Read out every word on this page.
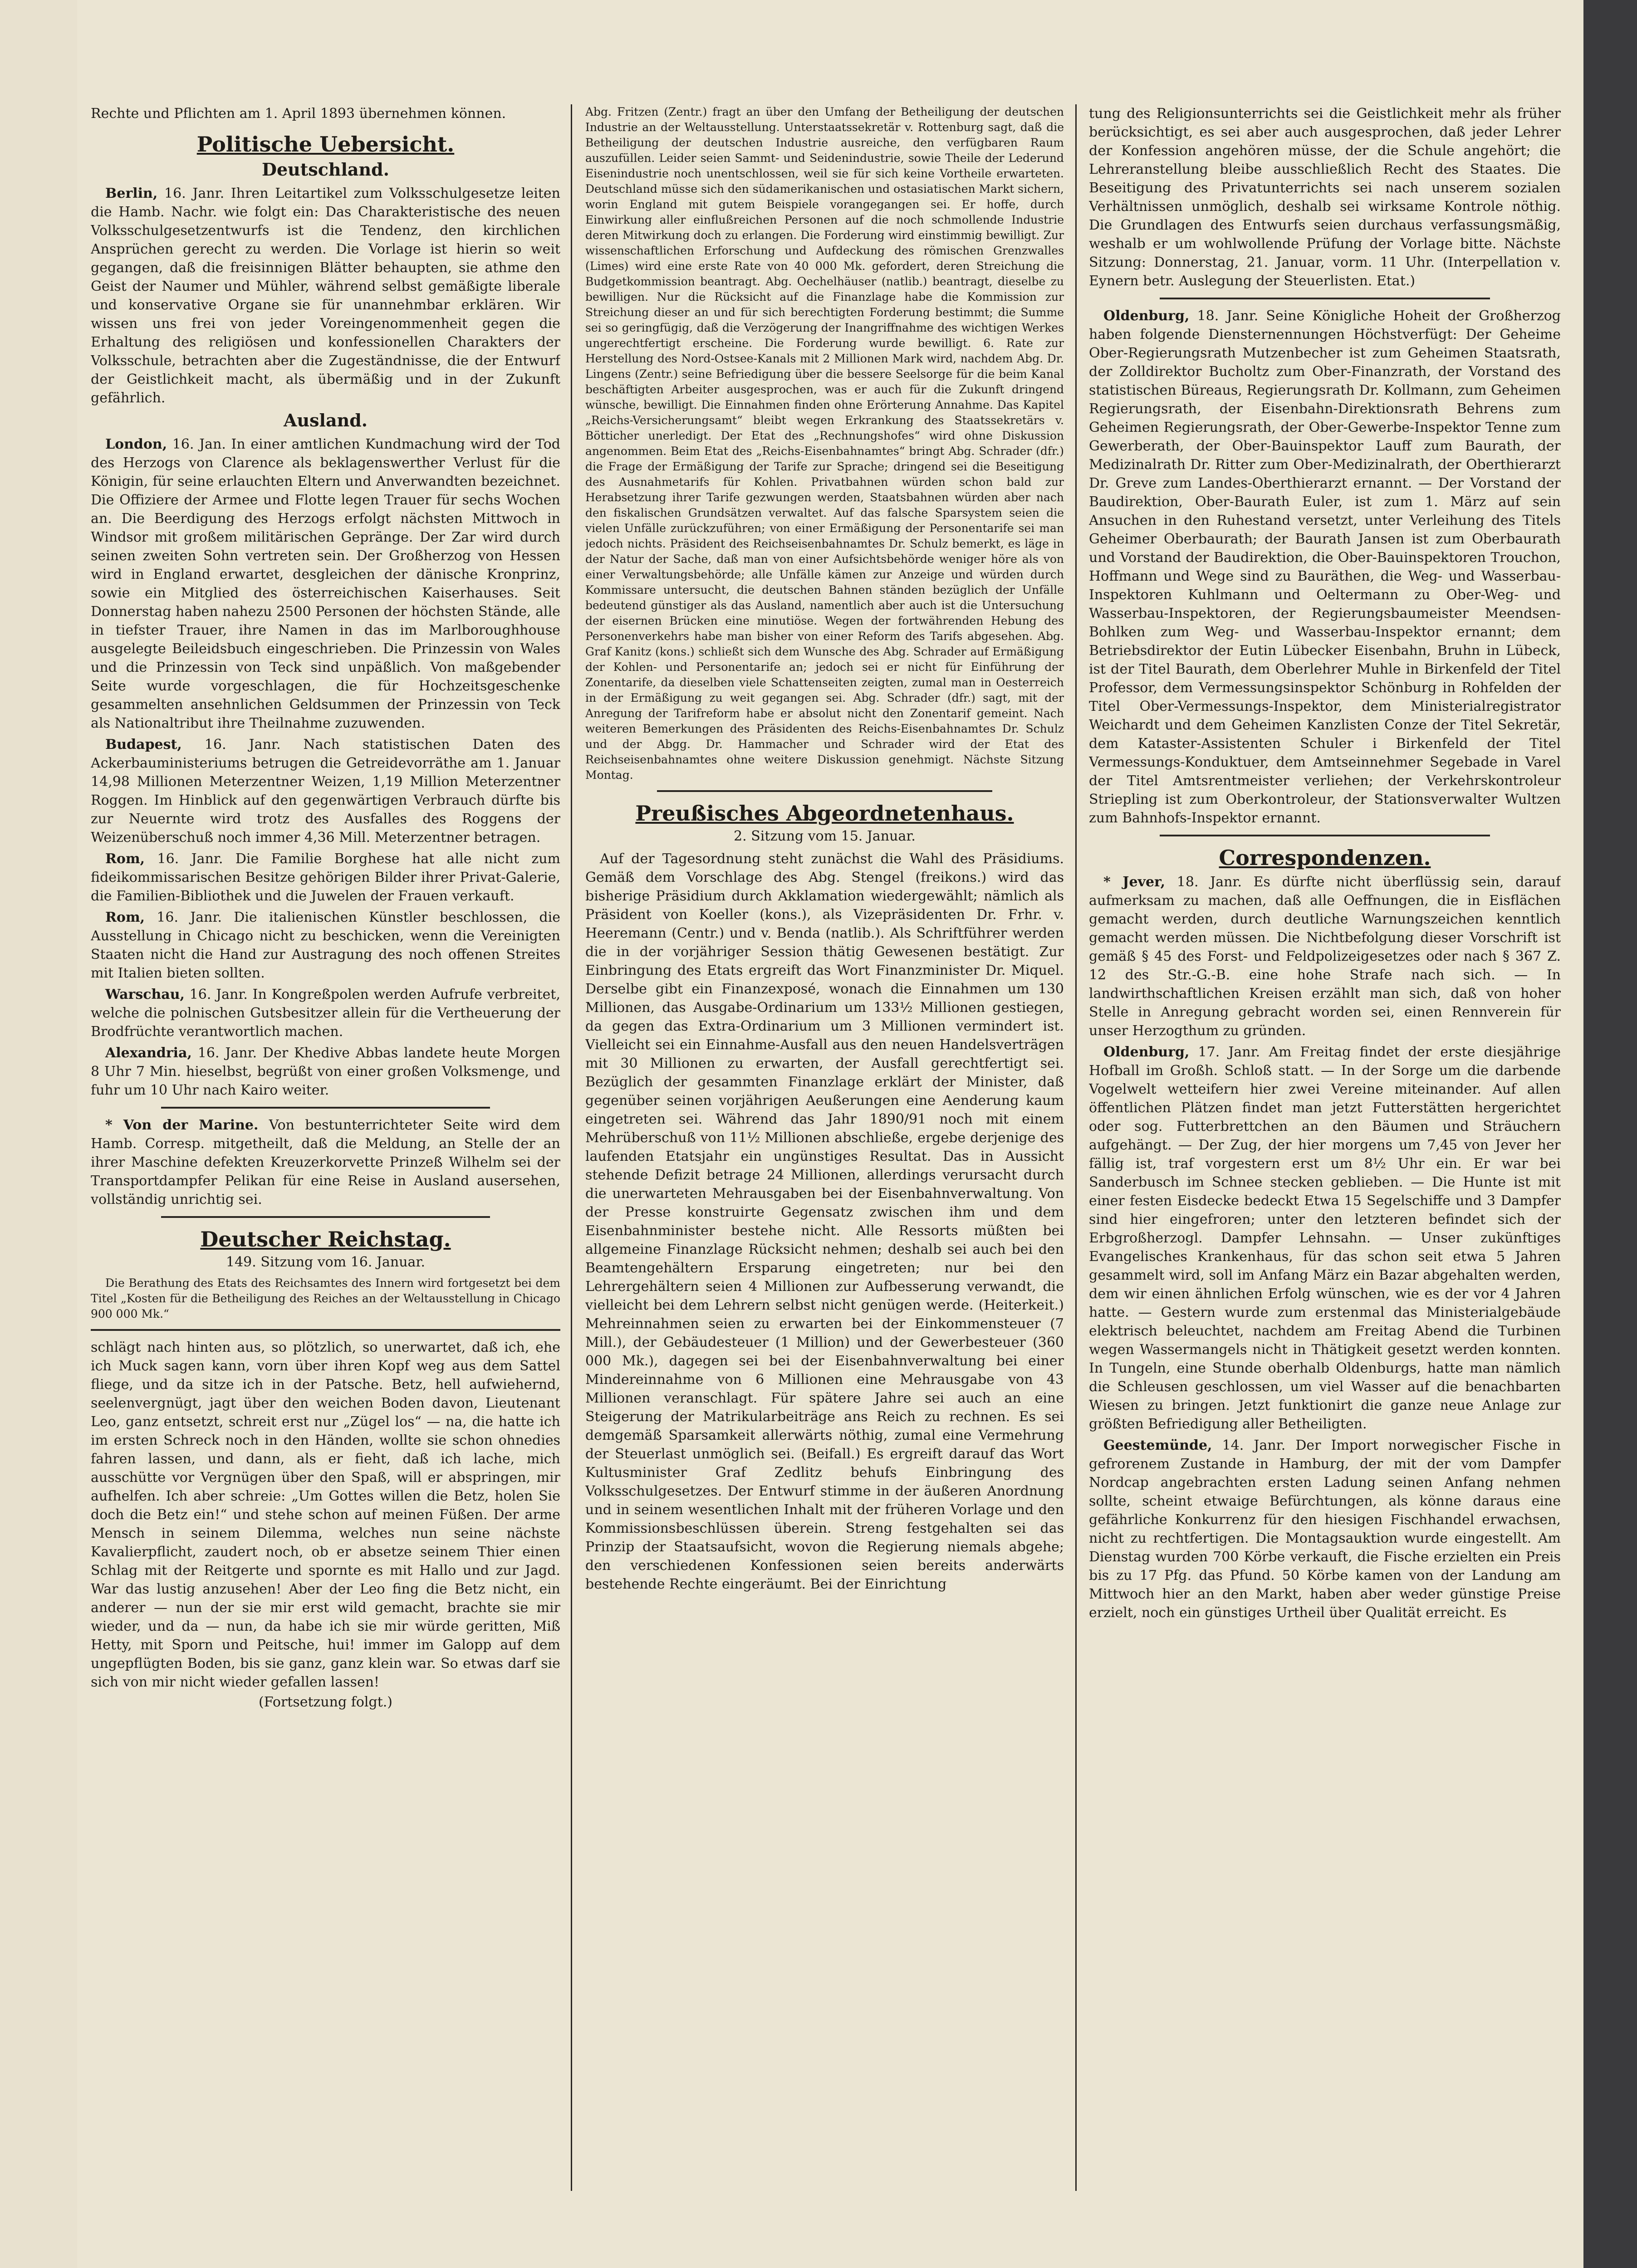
Rechte und Pflichten am 1. April 1893 übernehmen können.

Politische Uebersicht.
Deutschland.

Berlin, 16. Janr. Ihren Leitartikel zum Volksschulgesetze leiten die Hamb. Nachr. wie folgt ein: Das Charakteristische des neuen Volksschulgesetzentwurfs ist die Tendenz, den kirchlichen Ansprüchen gerecht zu werden. Die Vorlage ist hierin so weit gegangen, daß die freisinnigen Blätter behaupten, sie athme den Geist der Naumer und Mühler, während selbst gemäßigte liberale und konservative Organe sie für unannehmbar erklären. Wir wissen uns frei von jeder Voreingenommenheit gegen die Erhaltung des religiösen und konfessionellen Charakters der Volksschule, betrachten aber die Zugeständnisse, die der Entwurf der Geistlichkeit macht, als übermäßig und in der Zukunft gefährlich.

Ausland.

London, 16. Jan. In einer amtlichen Kundmachung wird der Tod des Herzogs von Clarence als beklagenswerther Verlust für die Königin, für seine erlauchten Eltern und Anverwandten bezeichnet. Die Offiziere der Armee und Flotte legen Trauer für sechs Wochen an. Die Beerdigung des Herzogs erfolgt nächsten Mittwoch in Windsor mit großem militärischen Gepränge. Der Zar wird durch seinen zweiten Sohn vertreten sein. Der Großherzog von Hessen wird in England erwartet, desgleichen der dänische Kronprinz, sowie ein Mitglied des österreichischen Kaiserhauses. Seit Donnerstag haben nahezu 2500 Personen der höchsten Stände, alle in tiefster Trauer, ihre Namen in das im Marlboroughhouse ausgelegte Beileidsbuch eingeschrieben. Die Prinzessin von Wales und die Prinzessin von Teck sind unpäßlich. Von maßgebender Seite wurde vorgeschlagen, die für Hochzeitsgeschenke gesammelten ansehnlichen Geldsummen der Prinzessin von Teck als Nationaltribut ihre Theilnahme zuzuwenden.

Budapest, 16. Janr. Nach statistischen Daten des Ackerbauministeriums betrugen die Getreidevorräthe am 1. Januar 14,98 Millionen Meterzentner Weizen, 1,19 Million Meterzentner Roggen. Im Hinblick auf den gegenwärtigen Verbrauch dürfte bis zur Neuernte wird trotz des Ausfalles des Roggens der Weizenüberschuß noch immer 4,36 Mill. Meterzentner betragen.

Rom, 16. Janr. Die Familie Borghese hat alle nicht zum fideikommissarischen Besitze gehörigen Bilder ihrer Privat-Galerie, die Familien-Bibliothek und die Juwelen der Frauen verkauft.

Rom, 16. Janr. Die italienischen Künstler beschlossen, die Ausstellung in Chicago nicht zu beschicken, wenn die Vereinigten Staaten nicht die Hand zur Austragung des noch offenen Streites mit Italien bieten sollten.

Warschau, 16. Janr. In Kongreßpolen werden Aufrufe verbreitet, welche die polnischen Gutsbesitzer allein für die Vertheuerung der Brodfrüchte verantwortlich machen.

Alexandria, 16. Janr. Der Khedive Abbas landete heute Morgen 8 Uhr 7 Min. hieselbst, begrüßt von einer großen Volksmenge, und fuhr um 10 Uhr nach Kairo weiter.

* Von der Marine. Von bestunterrichteter Seite wird dem Hamb. Corresp. mitgetheilt, daß die Meldung, an Stelle der an ihrer Maschine defekten Kreuzerkorvette Prinzeß Wilhelm sei der Transportdampfer Pelikan für eine Reise in Ausland ausersehen, vollständig unrichtig sei.

Deutscher Reichstag.
149. Sitzung vom 16. Januar.

Die Berathung des Etats des Reichsamtes des Innern wird fortgesetzt bei dem Titel „Kosten für die Betheiligung des Reiches an der Weltausstellung in Chicago 900 000 Mk.“

schlägt nach hinten aus, so plötzlich, so unerwartet, daß ich, ehe ich Muck sagen kann, vorn über ihren Kopf weg aus dem Sattel fliege, und da sitze ich in der Patsche. Betz, hell aufwiehernd, seelenvergnügt, jagt über den weichen Boden davon, Lieutenant Leo, ganz entsetzt, schreit erst nur „Zügel los“ — na, die hatte ich im ersten Schreck noch in den Händen, wollte sie schon ohnedies fahren lassen, und dann, als er fieht, daß ich lache, mich ausschütte vor Vergnügen über den Spaß, will er abspringen, mir aufhelfen. Ich aber schreie: „Um Gottes willen die Betz, holen Sie doch die Betz ein!“ und stehe schon auf meinen Füßen. Der arme Mensch in seinem Dilemma, welches nun seine nächste Kavalierpflicht, zaudert noch, ob er absetze seinem Thier einen Schlag mit der Reitgerte und spornte es mit Hallo und zur Jagd. War das lustig anzusehen! Aber der Leo fing die Betz nicht, ein anderer — nun der sie mir erst wild gemacht, brachte sie mir wieder, und da — nun, da habe ich sie mir würde geritten, Miß Hetty, mit Sporn und Peitsche, hui! immer im Galopp auf dem ungepflügten Boden, bis sie ganz, ganz klein war. So etwas darf sie sich von mir nicht wieder gefallen lassen!

(Fortsetzung folgt.)

Abg. Fritzen (Zentr.) fragt an über den Umfang der Betheiligung der deutschen Industrie an der Weltausstellung. Unterstaatssekretär v. Rottenburg sagt, daß die Betheiligung der deutschen Industrie ausreiche, den verfügbaren Raum auszufüllen. Leider seien Sammt- und Seidenindustrie, sowie Theile der Lederund Eisenindustrie noch unentschlossen, weil sie für sich keine Vortheile erwarteten. Deutschland müsse sich den südamerikanischen und ostasiatischen Markt sichern, worin England mit gutem Beispiele vorangegangen sei. Er hoffe, durch Einwirkung aller einflußreichen Personen auf die noch schmollende Industrie deren Mitwirkung doch zu erlangen. Die Forderung wird einstimmig bewilligt. Zur wissenschaftlichen Erforschung und Aufdeckung des römischen Grenzwalles (Limes) wird eine erste Rate von 40 000 Mk. gefordert, deren Streichung die Budgetkommission beantragt. Abg. Oechelhäuser (natlib.) beantragt, dieselbe zu bewilligen. Nur die Rücksicht auf die Finanzlage habe die Kommission zur Streichung dieser an und für sich berechtigten Forderung bestimmt; die Summe sei so geringfügig, daß die Verzögerung der Inangriffnahme des wichtigen Werkes ungerechtfertigt erscheine. Die Forderung wurde bewilligt. 6. Rate zur Herstellung des Nord-Ostsee-Kanals mit 2 Millionen Mark wird, nachdem Abg. Dr. Lingens (Zentr.) seine Befriedigung über die bessere Seelsorge für die beim Kanal beschäftigten Arbeiter ausgesprochen, was er auch für die Zukunft dringend wünsche, bewilligt. Die Einnahmen finden ohne Erörterung Annahme. Das Kapitel „Reichs-Versicherungsamt“ bleibt wegen Erkrankung des Staatssekretärs v. Bötticher unerledigt. Der Etat des „Rechnungshofes“ wird ohne Diskussion angenommen. Beim Etat des „Reichs-Eisenbahnamtes“ bringt Abg. Schrader (dfr.) die Frage der Ermäßigung der Tarife zur Sprache; dringend sei die Beseitigung des Ausnahmetarifs für Kohlen. Privatbahnen würden schon bald zur Herabsetzung ihrer Tarife gezwungen werden, Staatsbahnen würden aber nach den fiskalischen Grundsätzen verwaltet. Auf das falsche Sparsystem seien die vielen Unfälle zurückzuführen; von einer Ermäßigung der Personentarife sei man jedoch nichts. Präsident des Reichseisenbahnamtes Dr. Schulz bemerkt, es läge in der Natur der Sache, daß man von einer Aufsichtsbehörde weniger höre als von einer Verwaltungsbehörde; alle Unfälle kämen zur Anzeige und würden durch Kommissare untersucht, die deutschen Bahnen ständen bezüglich der Unfälle bedeutend günstiger als das Ausland, namentlich aber auch ist die Untersuchung der eisernen Brücken eine minutiöse. Wegen der fortwährenden Hebung des Personenverkehrs habe man bisher von einer Reform des Tarifs abgesehen. Abg. Graf Kanitz (kons.) schließt sich dem Wunsche des Abg. Schrader auf Ermäßigung der Kohlen- und Personentarife an; jedoch sei er nicht für Einführung der Zonentarife, da dieselben viele Schattenseiten zeigten, zumal man in Oesterreich in der Ermäßigung zu weit gegangen sei. Abg. Schrader (dfr.) sagt, mit der Anregung der Tarifreform habe er absolut nicht den Zonentarif gemeint. Nach weiteren Bemerkungen des Präsidenten des Reichs-Eisenbahnamtes Dr. Schulz und der Abgg. Dr. Hammacher und Schrader wird der Etat des Reichseisenbahnamtes ohne weitere Diskussion genehmigt. Nächste Sitzung Montag.

Preußisches Abgeordnetenhaus.
2. Sitzung vom 15. Januar.

Auf der Tagesordnung steht zunächst die Wahl des Präsidiums. Gemäß dem Vorschlage des Abg. Stengel (freikons.) wird das bisherige Präsidium durch Akklamation wiedergewählt; nämlich als Präsident von Koeller (kons.), als Vizepräsidenten Dr. Frhr. v. Heeremann (Centr.) und v. Benda (natlib.). Als Schriftführer werden die in der vorjähriger Session thätig Gewesenen bestätigt. Zur Einbringung des Etats ergreift das Wort Finanzminister Dr. Miquel. Derselbe gibt ein Finanzexposé, wonach die Einnahmen um 130 Millionen, das Ausgabe-Ordinarium um 133½ Millionen gestiegen, da gegen das Extra-Ordinarium um 3 Millionen vermindert ist. Vielleicht sei ein Einnahme-Ausfall aus den neuen Handelsverträgen mit 30 Millionen zu erwarten, der Ausfall gerechtfertigt sei. Bezüglich der gesammten Finanzlage erklärt der Minister, daß gegenüber seinen vorjährigen Aeußerungen eine Aenderung kaum eingetreten sei. Während das Jahr 1890/91 noch mit einem Mehrüberschuß von 11½ Millionen abschließe, ergebe derjenige des laufenden Etatsjahr ein ungünstiges Resultat. Das in Aussicht stehende Defizit betrage 24 Millionen, allerdings verursacht durch die unerwarteten Mehrausgaben bei der Eisenbahnverwaltung. Von der Presse konstruirte Gegensatz zwischen ihm und dem Eisenbahnminister bestehe nicht. Alle Ressorts müßten bei allgemeine Finanzlage Rücksicht nehmen; deshalb sei auch bei den Beamtengehältern Ersparung eingetreten; nur bei den Lehrergehältern seien 4 Millionen zur Aufbesserung verwandt, die vielleicht bei dem Lehrern selbst nicht genügen werde. (Heiterkeit.) Mehreinnahmen seien zu erwarten bei der Einkommensteuer (7 Mill.), der Gebäudesteuer (1 Million) und der Gewerbesteuer (360 000 Mk.), dagegen sei bei der Eisenbahnverwaltung bei einer Mindereinnahme von 6 Millionen eine Mehrausgabe von 43 Millionen veranschlagt. Für spätere Jahre sei auch an eine Steigerung der Matrikularbeiträge ans Reich zu rechnen. Es sei demgemäß Sparsamkeit allerwärts nöthig, zumal eine Vermehrung der Steuerlast unmöglich sei. (Beifall.) Es ergreift darauf das Wort Kultusminister Graf Zedlitz behufs Einbringung des Volksschulgesetzes. Der Entwurf stimme in der äußeren Anordnung und in seinem wesentlichen Inhalt mit der früheren Vorlage und den Kommissionsbeschlüssen überein. Streng festgehalten sei das Prinzip der Staatsaufsicht, wovon die Regierung niemals abgehe; den verschiedenen Konfessionen seien bereits anderwärts bestehende Rechte eingeräumt. Bei der Einrichtung

tung des Religionsunterrichts sei die Geistlichkeit mehr als früher berücksichtigt, es sei aber auch ausgesprochen, daß jeder Lehrer der Konfession angehören müsse, der die Schule angehört; die Lehreranstellung bleibe ausschließlich Recht des Staates. Die Beseitigung des Privatunterrichts sei nach unserem sozialen Verhältnissen unmöglich, deshalb sei wirksame Kontrole nöthig. Die Grundlagen des Entwurfs seien durchaus verfassungsmäßig, weshalb er um wohlwollende Prüfung der Vorlage bitte. Nächste Sitzung: Donnerstag, 21. Januar, vorm. 11 Uhr. (Interpellation v. Eynern betr. Auslegung der Steuerlisten. Etat.)

Oldenburg, 18. Janr. Seine Königliche Hoheit der Großherzog haben folgende Diensternennungen Höchstverfügt: Der Geheime Ober-Regierungsrath Mutzenbecher ist zum Geheimen Staatsrath, der Zolldirektor Bucholtz zum Ober-Finanzrath, der Vorstand des statistischen Büreaus, Regierungsrath Dr. Kollmann, zum Geheimen Regierungsrath, der Eisenbahn-Direktionsrath Behrens zum Geheimen Regierungsrath, der Ober-Gewerbe-Inspektor Tenne zum Gewerberath, der Ober-Bauinspektor Lauff zum Baurath, der Medizinalrath Dr. Ritter zum Ober-Medizinalrath, der Oberthierarzt Dr. Greve zum Landes-Oberthierarzt ernannt. — Der Vorstand der Baudirektion, Ober-Baurath Euler, ist zum 1. März auf sein Ansuchen in den Ruhestand versetzt, unter Verleihung des Titels Geheimer Oberbaurath; der Baurath Jansen ist zum Oberbaurath und Vorstand der Baudirektion, die Ober-Bauinspektoren Trouchon, Hoffmann und Wege sind zu Bauräthen, die Weg- und Wasserbau-Inspektoren Kuhlmann und Oeltermann zu Ober-Weg- und Wasserbau-Inspektoren, der Regierungsbaumeister Meendsen-Bohlken zum Weg- und Wasserbau-Inspektor ernannt; dem Betriebsdirektor der Eutin Lübecker Eisenbahn, Bruhn in Lübeck, ist der Titel Baurath, dem Oberlehrer Muhle in Birkenfeld der Titel Professor, dem Vermessungsinspektor Schönburg in Rohfelden der Titel Ober-Vermessungs-Inspektor, dem Ministerialregistrator Weichardt und dem Geheimen Kanzlisten Conze der Titel Sekretär, dem Kataster-Assistenten Schuler i Birkenfeld der Titel Vermessungs-Konduktuer, dem Amtseinnehmer Segebade in Varel der Titel Amtsrentmeister verliehen; der Verkehrskontroleur Striepling ist zum Oberkontroleur, der Stationsverwalter Wultzen zum Bahnhofs-Inspektor ernannt.

Correspondenzen.

* Jever, 18. Janr. Es dürfte nicht überflüssig sein, darauf aufmerksam zu machen, daß alle Oeffnungen, die in Eisflächen gemacht werden, durch deutliche Warnungszeichen kenntlich gemacht werden müssen. Die Nichtbefolgung dieser Vorschrift ist gemäß § 45 des Forst- und Feldpolizeigesetzes oder nach § 367 Z. 12 des Str.-G.-B. eine hohe Strafe nach sich. — In landwirthschaftlichen Kreisen erzählt man sich, daß von hoher Stelle in Anregung gebracht worden sei, einen Rennverein für unser Herzogthum zu gründen.

Oldenburg, 17. Janr. Am Freitag findet der erste diesjährige Hofball im Großh. Schloß statt. — In der Sorge um die darbende Vogelwelt wetteifern hier zwei Vereine miteinander. Auf allen öffentlichen Plätzen findet man jetzt Futterstätten hergerichtet oder sog. Futterbrettchen an den Bäumen und Sträuchern aufgehängt. — Der Zug, der hier morgens um 7,45 von Jever her fällig ist, traf vorgestern erst um 8½ Uhr ein. Er war bei Sanderbusch im Schnee stecken geblieben. — Die Hunte ist mit einer festen Eisdecke bedeckt Etwa 15 Segelschiffe und 3 Dampfer sind hier eingefroren; unter den letzteren befindet sich der Erbgroßherzogl. Dampfer Lehnsahn. — Unser zukünftiges Evangelisches Krankenhaus, für das schon seit etwa 5 Jahren gesammelt wird, soll im Anfang März ein Bazar abgehalten werden, dem wir einen ähnlichen Erfolg wünschen, wie es der vor 4 Jahren hatte. — Gestern wurde zum erstenmal das Ministerialgebäude elektrisch beleuchtet, nachdem am Freitag Abend die Turbinen wegen Wassermangels nicht in Thätigkeit gesetzt werden konnten. In Tungeln, eine Stunde oberhalb Oldenburgs, hatte man nämlich die Schleusen geschlossen, um viel Wasser auf die benachbarten Wiesen zu bringen. Jetzt funktionirt die ganze neue Anlage zur größten Befriedigung aller Betheiligten.

Geestemünde, 14. Janr. Der Import norwegischer Fische in gefrorenem Zustande in Hamburg, der mit der vom Dampfer Nordcap angebrachten ersten Ladung seinen Anfang nehmen sollte, scheint etwaige Befürchtungen, als könne daraus eine gefährliche Konkurrenz für den hiesigen Fischhandel erwachsen, nicht zu rechtfertigen. Die Montagsauktion wurde eingestellt. Am Dienstag wurden 700 Körbe verkauft, die Fische erzielten ein Preis bis zu 17 Pfg. das Pfund. 50 Körbe kamen von der Landung am Mittwoch hier an den Markt, haben aber weder günstige Preise erzielt, noch ein günstiges Urtheil über Qualität erreicht. Es
